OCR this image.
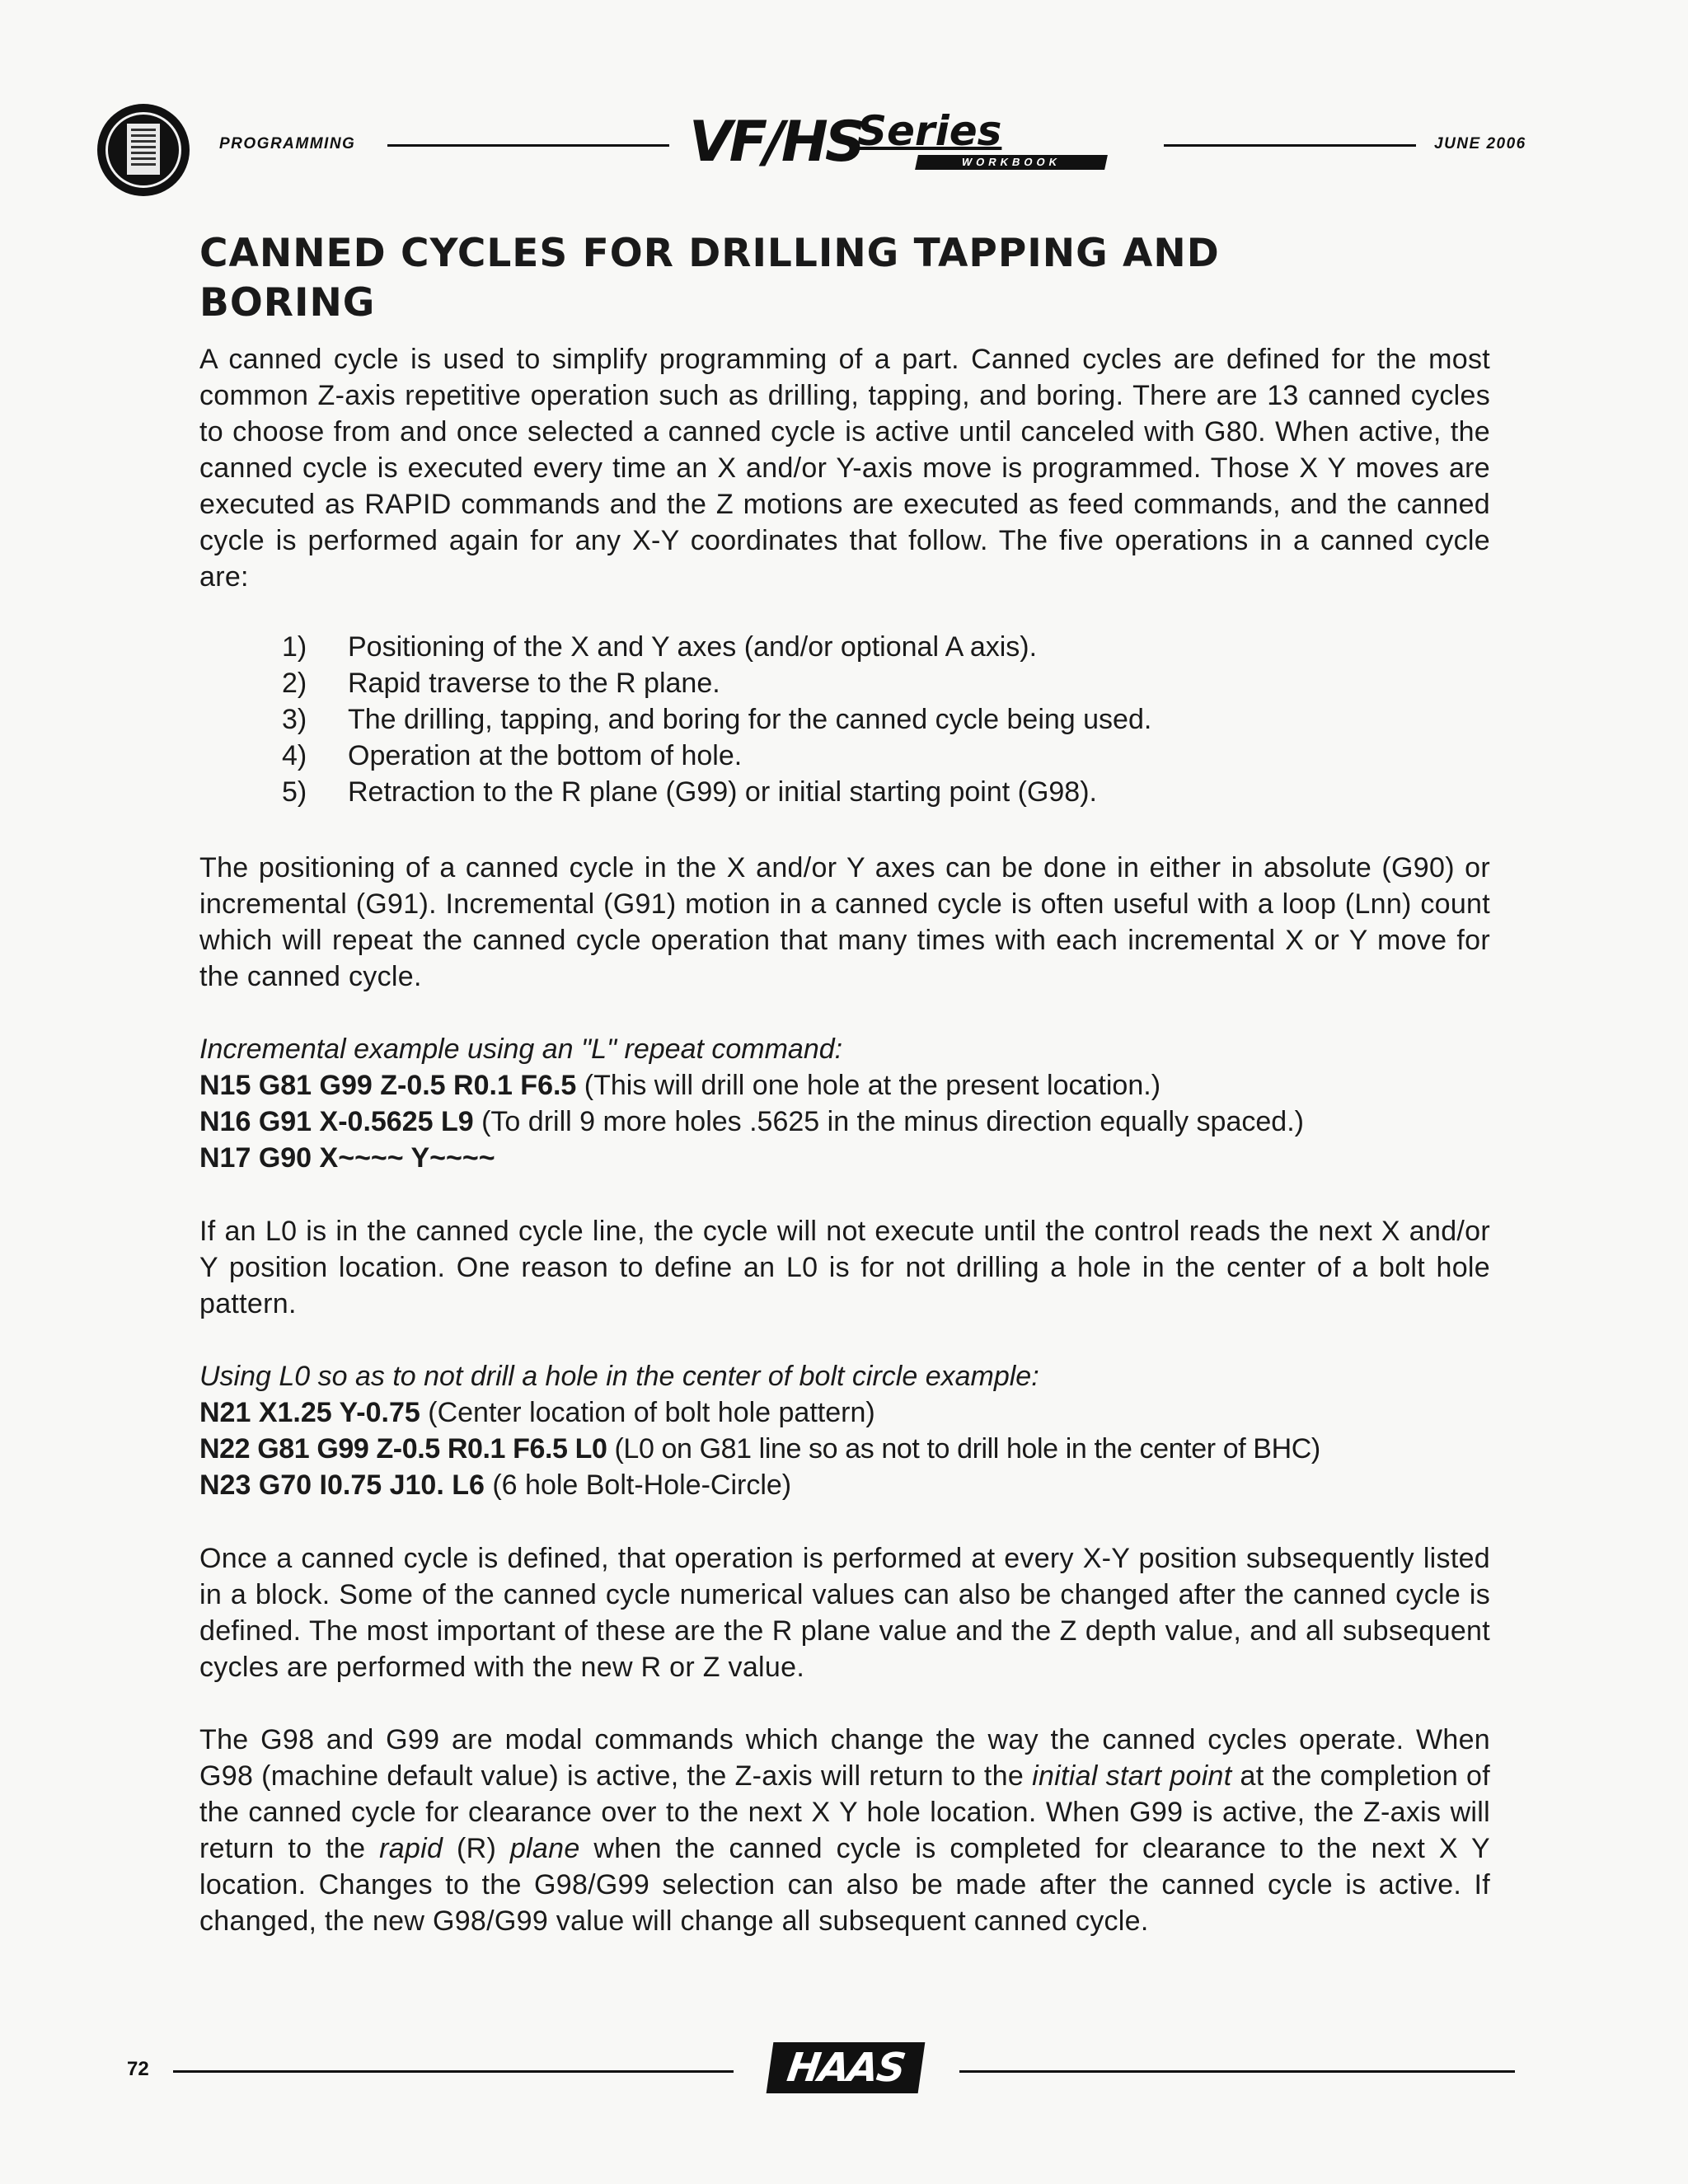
PROGRAMMING	VF/HS
Series
WORKBOOK
JUNE 2006
CANNED CYCLES FOR DRILLING TAPPING AND
BORING

A canned cycle is used to simplify programming of a part. Canned cycles are defined for the most common Z-axis repetitive operation such as drilling, tapping, and boring. There are 13 canned cycles to choose from and once selected a canned cycle is active until canceled with G80. When active, the canned cycle is executed every time an X and/or Y-axis move is programmed. Those X Y moves are executed as RAPID commands and the Z motions are executed as feed commands, and the canned cycle is performed again for any X-Y coordinates that follow. The five operations in a canned cycle are:

1)	Positioning of the X and Y axes (and/or optional A axis).
2)	Rapid traverse to the R plane.
3)	The drilling, tapping, and boring for the canned cycle being used.
4)	Operation at the bottom of hole.
5)	Retraction to the R plane (G99) or initial starting point (G98).

The positioning of a canned cycle in the X and/or Y axes can be done in either in absolute (G90) or incremental (G91). Incremental (G91) motion in a canned cycle is often useful with a loop (Lnn) count which will repeat the canned cycle operation that many times with each incremental X or Y move for the canned cycle.

Incremental example using an "L" repeat command:
N15 G81 G99 Z-0.5 R0.1 F6.5 (This will drill one hole at the present location.)
N16 G91 X-0.5625 L9 (To drill 9 more holes .5625 in the minus direction equally spaced.)
N17 G90 X~~~~ Y~~~~

If an L0 is in the canned cycle line, the cycle will not execute until the control reads the next X and/or Y position location. One reason to define an L0 is for not drilling a hole in the center of a bolt hole pattern.

Using L0 so as to not drill a hole in the center of bolt circle example:
N21 X1.25 Y-0.75 (Center location of bolt hole pattern)
N22 G81 G99 Z-0.5 R0.1 F6.5 L0 (L0 on G81 line so as not to drill hole in the center of BHC)
N23 G70 I0.75 J10. L6 (6 hole Bolt-Hole-Circle)

Once a canned cycle is defined, that operation is performed at every X-Y position subsequently listed in a block. Some of the canned cycle numerical values can also be changed after the canned cycle is defined. The most important of these are the R plane value and the Z depth value, and all subsequent cycles are performed with the new R or Z value.

The G98 and G99 are modal commands which change the way the canned cycles operate. When G98 (machine default value) is active, the Z-axis will return to the initial start point at the completion of the canned cycle for clearance over to the next X Y hole location. When G99 is active, the Z-axis will return to the rapid (R) plane when the canned cycle is completed for clearance to the next X Y location. Changes to the G98/G99 selection can also be made after the canned cycle is active. If changed, the new G98/G99 value will change all subsequent canned cycle.

72	HAAS
